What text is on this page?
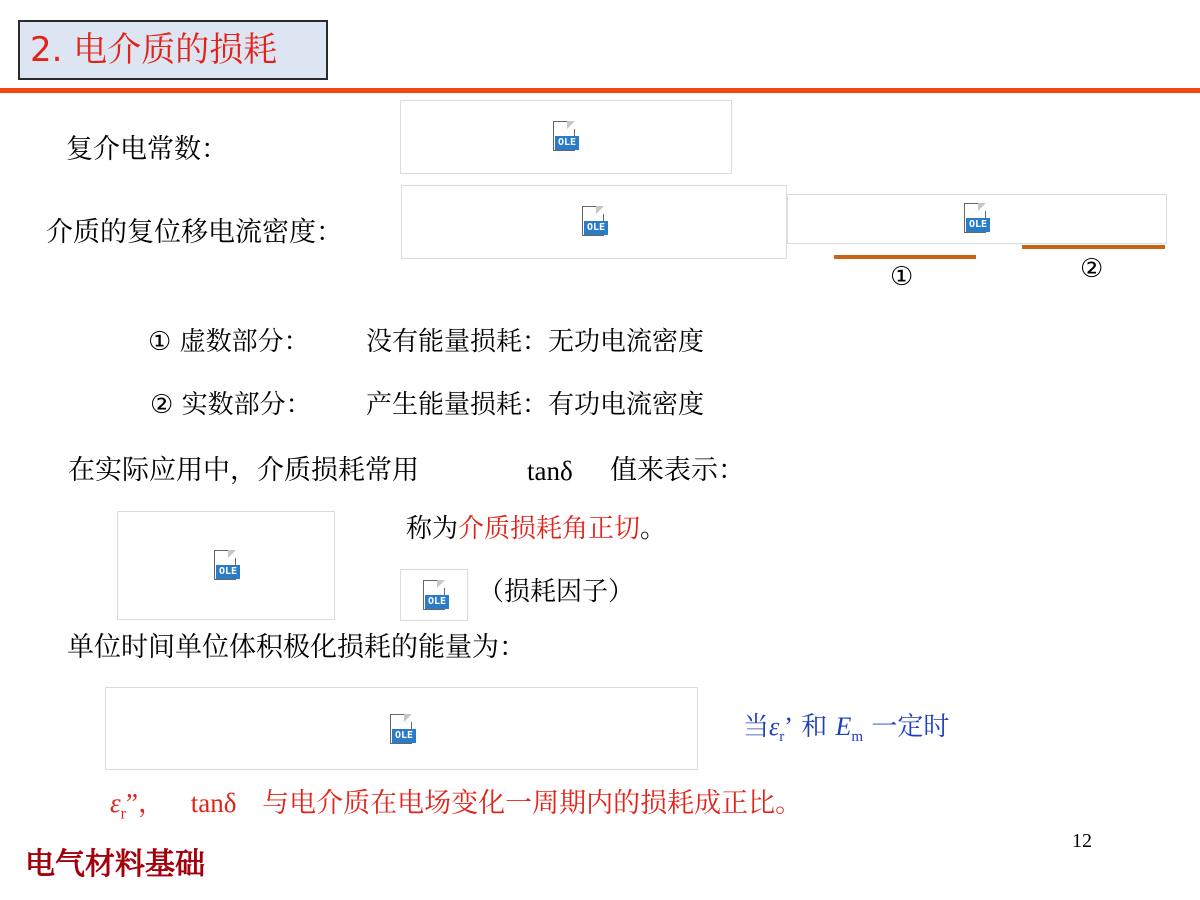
2. 电介质的损耗
复介电常数：	OLE
介质的复位移电流密度：	OLE	OLE
①	②
① 虚数部分： 没有能量损耗：无功电流密度
② 实数部分： 产生能量损耗：有功电流密度
在实际应用中，介质损耗常用	tanδ 值来表示：
OLE
称为介质损耗角正切。
OLE （损耗因子）
单位时间单位体积极化损耗的能量为：
OLE	当$\varepsilon_r$’ 和 $E_m$ 一定时
$\varepsilon_r$”， tanδ 与电介质在电场变化一周期内的损耗成正比。
12
电气材料基础
